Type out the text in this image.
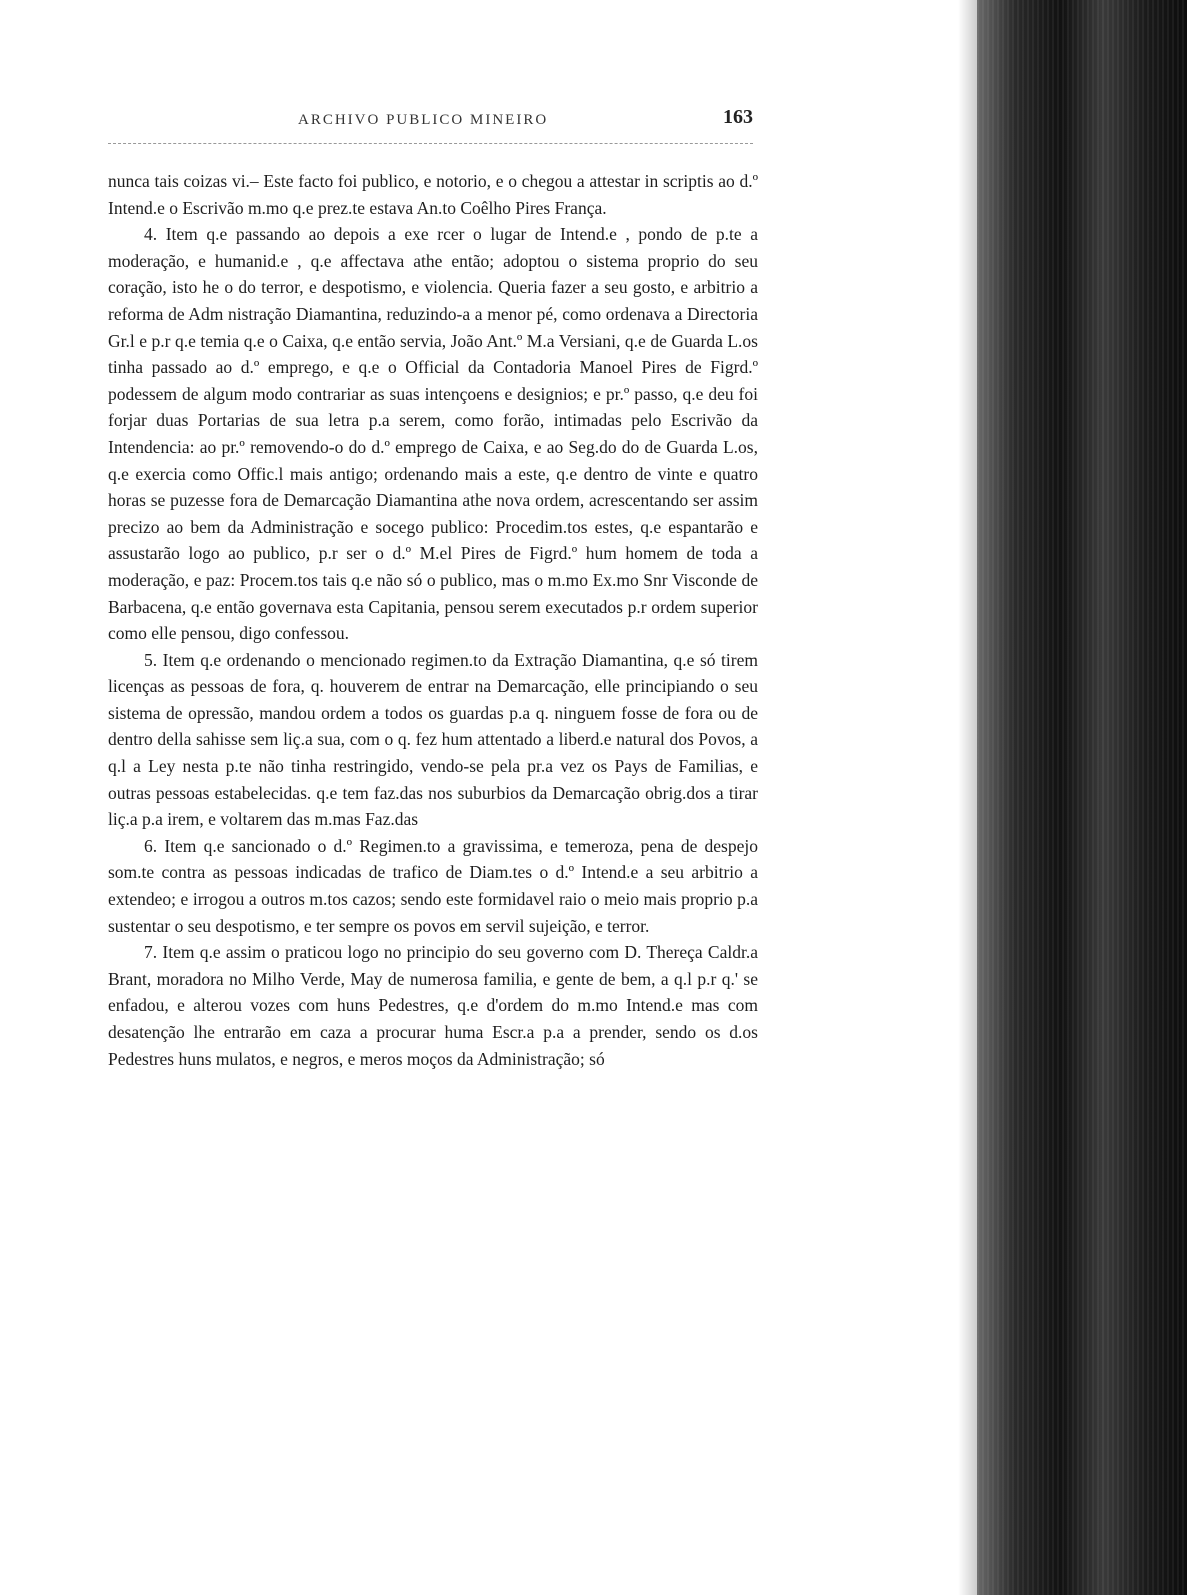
ARCHIVO PUBLICO MINEIRO	163

nunca tais coizas vi.– Este facto foi publico, e notorio, e o chegou a attestar in scriptis ao d.º Intend.e o Escrivão m.mo q.e prez.te estava An.to Coêlho Pires França.

4. Item q.e passando ao depois a exe rcer o lugar de Intend.e , pondo de p.te a moderação, e humanid.e , q.e affectava athe então; adoptou o sistema proprio do seu coração, isto he o do terror, e despotismo, e violencia. Queria fazer a seu gosto, e arbitrio a reforma de Adm nistração Diamantina, reduzindo-a a menor pé, como ordenava a Directoria Gr.l e p.r q.e temia q.e o Caixa, q.e então servia, João Ant.º M.a Versiani, q.e de Guarda L.os tinha passado ao d.º emprego, e q.e o Official da Contadoria Manoel Pires de Figrd.º podessem de algum modo contrariar as suas intençoens e designios; e pr.º passo, q.e deu foi forjar duas Portarias de sua letra p.a serem, como forão, intimadas pelo Escrivão da Intendencia: ao pr.º removendo-o do d.º emprego de Caixa, e ao Seg.do do de Guarda L.os, q.e exercia como Offic.l mais antigo; ordenando mais a este, q.e dentro de vinte e quatro horas se puzesse fora de Demarcação Diamantina athe nova ordem, acrescentando ser assim precizo ao bem da Administração e socego publico: Procedim.tos estes, q.e espantarão e assustarão logo ao publico, p.r ser o d.º M.el Pires de Figrd.º hum homem de toda a moderação, e paz: Procem.tos tais q.e não só o publico, mas o m.mo Ex.mo Snr Visconde de Barbacena, q.e então governava esta Capitania, pensou serem executados p.r ordem superior como elle pensou, digo confessou.

5. Item q.e ordenando o mencionado regimen.to da Extração Diamantina, q.e só tirem licenças as pessoas de fora, q. houverem de entrar na Demarcação, elle principiando o seu sistema de opressão, mandou ordem a todos os guardas p.a q. ninguem fosse de fora ou de dentro della sahisse sem liç.a sua, com o q. fez hum attentado a liberd.e natural dos Povos, a q.l a Ley nesta p.te não tinha restringido, vendo-se pela pr.a vez os Pays de Familias, e outras pessoas estabelecidas. q.e tem faz.das nos suburbios da Demarcação obrig.dos a tirar liç.a p.a irem, e voltarem das m.mas Faz.das

6. Item q.e sancionado o d.º Regimen.to a gravissima, e temeroza, pena de despejo som.te contra as pessoas indicadas de trafico de Diam.tes o d.º Intend.e a seu arbitrio a extendeo; e irrogou a outros m.tos cazos; sendo este formidavel raio o meio mais proprio p.a sustentar o seu despotismo, e ter sempre os povos em servil sujeição, e terror.

7. Item q.e assim o praticou logo no principio do seu governo com D. Thereça Caldr.a Brant, moradora no Milho Verde, May de numerosa familia, e gente de bem, a q.l p.r q.' se enfadou, e alterou vozes com huns Pedestres, q.e d'ordem do m.mo Intend.e mas com desatenção lhe entrarão em caza a procurar huma Escr.a p.a a prender, sendo os d.os Pedestres huns mulatos, e negros, e meros moços da Administração; só
